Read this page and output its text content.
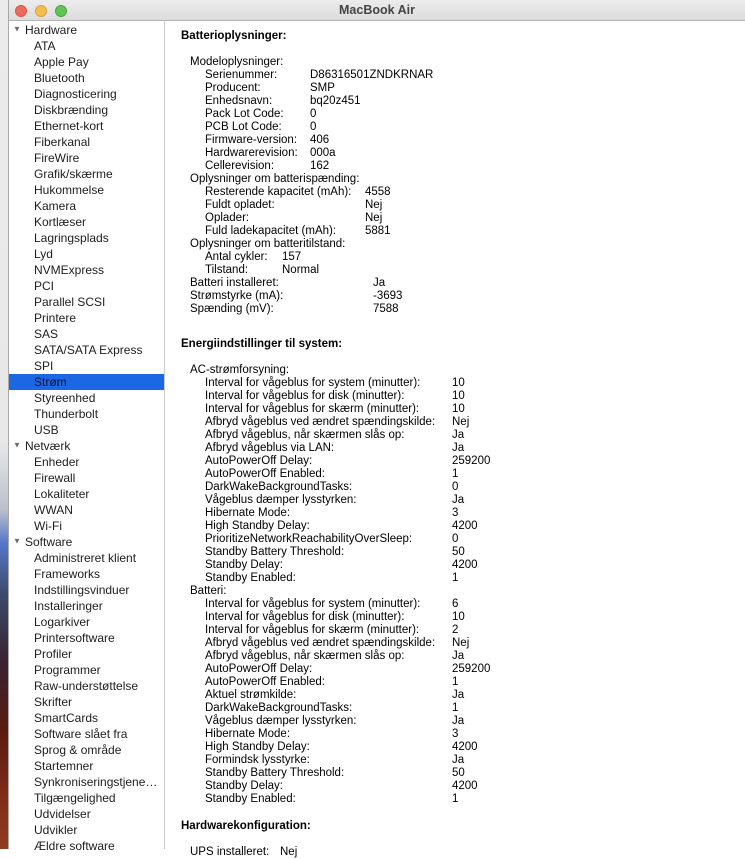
MacBook Air
▼ Hardware
ATA
Apple Pay
Bluetooth
Diagnosticering
Diskbrænding
Ethernet-kort
Fiberkanal
FireWire
Grafik/skærme
Hukommelse
Kamera
Kortlæser
Lagringsplads
Lyd
NVMExpress
PCI
Parallel SCSI
Printere
SAS
SATA/SATA Express
SPI
Strøm
Styreenhed
Thunderbolt
USB
▼ Netværk
Enheder
Firewall
Lokaliteter
WWAN
Wi-Fi
▼ Software
Administreret klient
Frameworks
Indstillingsvinduer
Installeringer
Logarkiver
Printersoftware
Profiler
Programmer
Raw-understøttelse
Skrifter
SmartCards
Software slået fra
Sprog & område
Startemner
Synkroniseringstjene…
Tilgængelighed
Udvidelser
Udvikler
Ældre software
Batterioplysninger:
Modeloplysninger:
Serienummer:	D86316501ZNDKRNAR
Producent:	SMP
Enhedsnavn:	bq20z451
Pack Lot Code:	0
PCB Lot Code:	0
Firmware-version:	406
Hardwarerevision:	000a
Cellerevision:	162
Oplysninger om batterispænding:
Resterende kapacitet (mAh):	4558
Fuldt opladet:	Nej
Oplader:	Nej
Fuld ladekapacitet (mAh):	5881
Oplysninger om batteritilstand:
Antal cykler:	157
Tilstand:	Normal
Batteri installeret:	Ja
Strømstyrke (mA):	-3693
Spænding (mV):	7588
Energiindstillinger til system:
AC-strømforsyning:
Interval for vågeblus for system (minutter):	10
Interval for vågeblus for disk (minutter):	10
Interval for vågeblus for skærm (minutter):	10
Afbryd vågeblus ved ændret spændingskilde:	Nej
Afbryd vågeblus, når skærmen slås op:	Ja
Afbryd vågeblus via LAN:	Ja
AutoPowerOff Delay:	259200
AutoPowerOff Enabled:	1
DarkWakeBackgroundTasks:	0
Vågeblus dæmper lysstyrken:	Ja
Hibernate Mode:	3
High Standby Delay:	4200
PrioritizeNetworkReachabilityOverSleep:	0
Standby Battery Threshold:	50
Standby Delay:	4200
Standby Enabled:	1
Batteri:
Interval for vågeblus for system (minutter):	6
Interval for vågeblus for disk (minutter):	10
Interval for vågeblus for skærm (minutter):	2
Afbryd vågeblus ved ændret spændingskilde:	Nej
Afbryd vågeblus, når skærmen slås op:	Ja
AutoPowerOff Delay:	259200
AutoPowerOff Enabled:	1
Aktuel strømkilde:	Ja
DarkWakeBackgroundTasks:	1
Vågeblus dæmper lysstyrken:	Ja
Hibernate Mode:	3
High Standby Delay:	4200
Formindsk lysstyrke:	Ja
Standby Battery Threshold:	50
Standby Delay:	4200
Standby Enabled:	1
Hardwarekonfiguration:
UPS installeret: Nej
